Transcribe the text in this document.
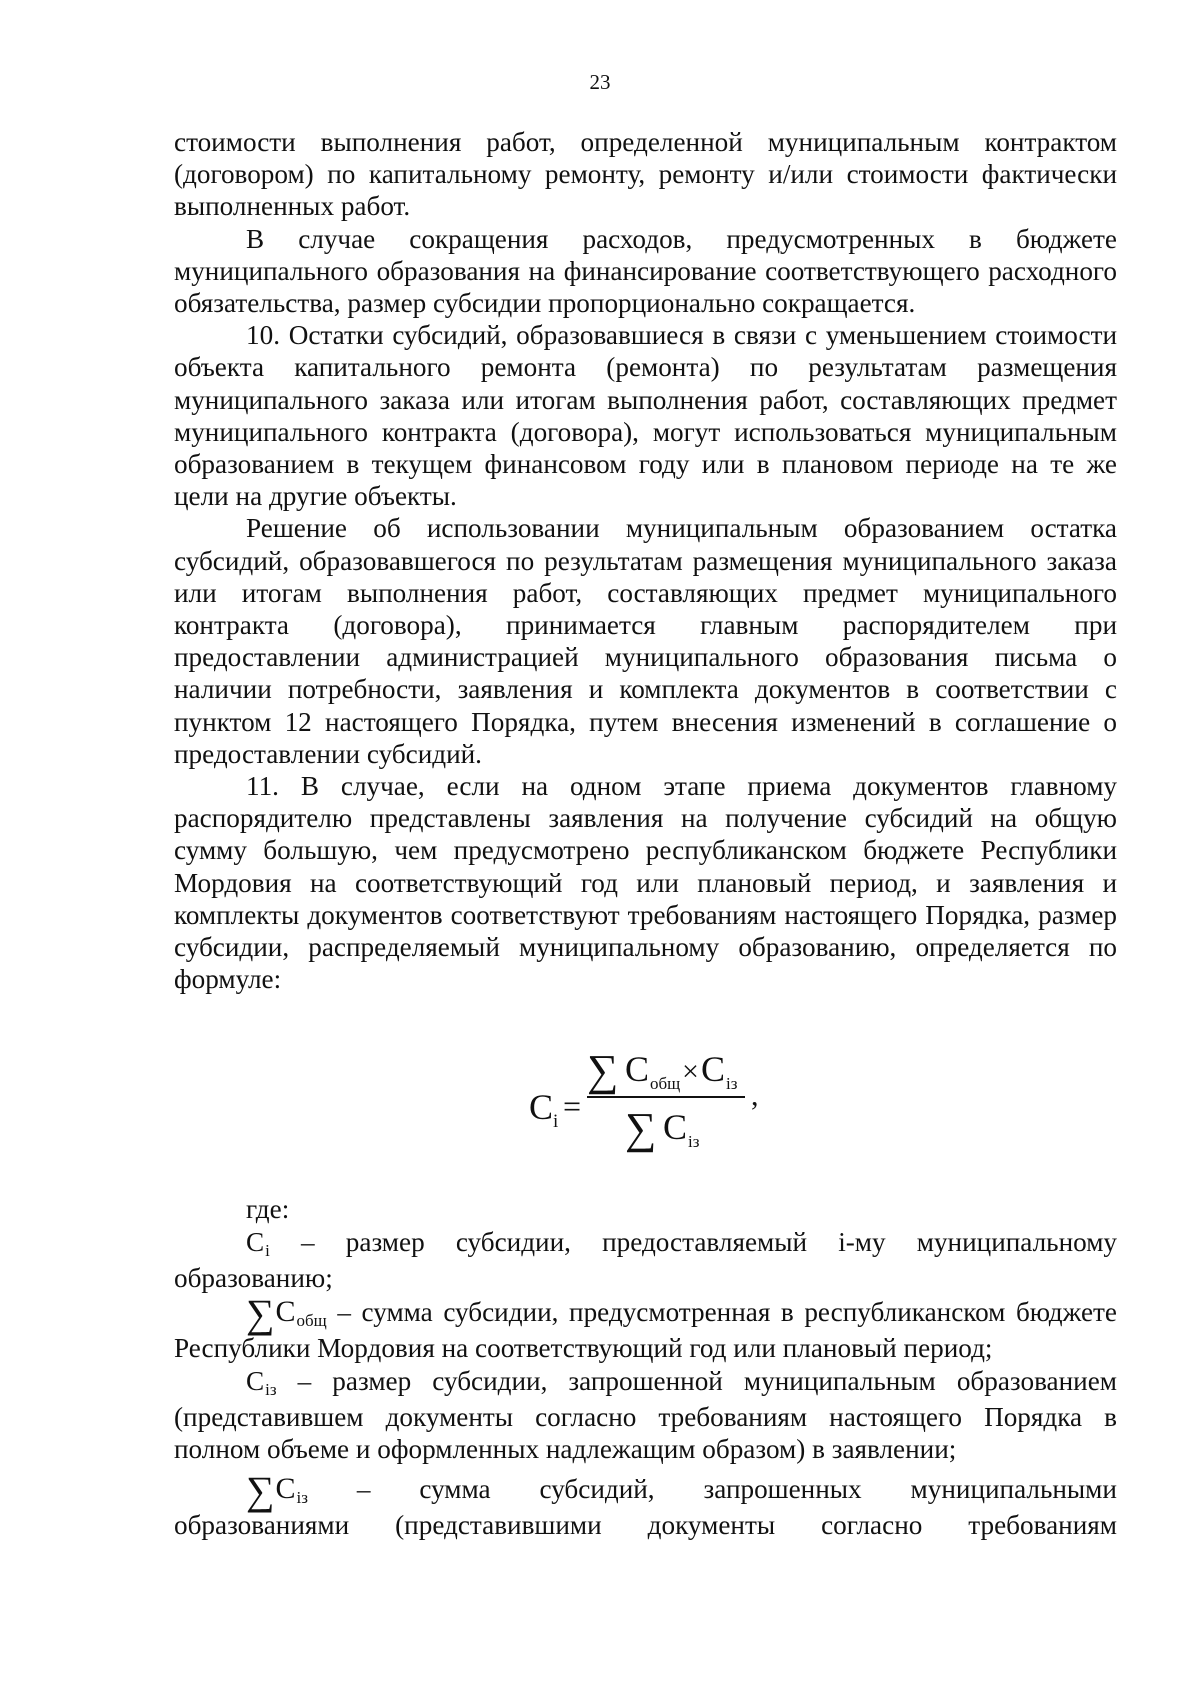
23

стоимости выполнения работ, определенной муниципальным контрактом (договором) по капитальному ремонту, ремонту и/или стоимости фактически выполненных работ.

В случае сокращения расходов, предусмотренных в бюджете муниципального образования на финансирование соответствующего расходного обязательства, размер субсидии пропорционально сокращается.

10. Остатки субсидий, образовавшиеся в связи с уменьшением стоимости объекта капитального ремонта (ремонта) по результатам размещения муниципального заказа или итогам выполнения работ, составляющих предмет муниципального контракта (договора), могут использоваться муниципальным образованием в текущем финансовом году или в плановом периоде на те же цели на другие объекты.

Решение об использовании муниципальным образованием остатка субсидий, образовавшегося по результатам размещения муниципального заказа или итогам выполнения работ, составляющих предмет муниципального контракта (договора), принимается главным распорядителем при предоставлении администрацией муниципального образования письма о наличии потребности, заявления и комплекта документов в соответствии с пунктом 12 настоящего Порядка, путем внесения изменений в соглашение о предоставлении субсидий.

11. В случае, если на одном этапе приема документов главному распорядителю представлены заявления на получение субсидий на общую сумму большую, чем предусмотрено республиканском бюджете Республики Мордовия на соответствующий год или плановый период, и заявления и комплекты документов соответствуют требованиям настоящего Порядка, размер субсидии, распределяемый муниципальному образованию, определяется по формуле:

C i =
∑ C общ × C iз
∑ C iз
,

где:

Ci – размер субсидии, предоставляемый i-му муниципальному образованию;

∑Cобщ – сумма субсидии, предусмотренная в республиканском бюджете Республики Мордовия на соответствующий год или плановый период;

Ciз – размер субсидии, запрошенной муниципальным образованием (представившем документы согласно требованиям настоящего Порядка в полном объеме и оформленных надлежащим образом) в заявлении;

∑Ciз – сумма субсидий, запрошенных муниципальными
образованиями (представившими документы согласно требованиям
